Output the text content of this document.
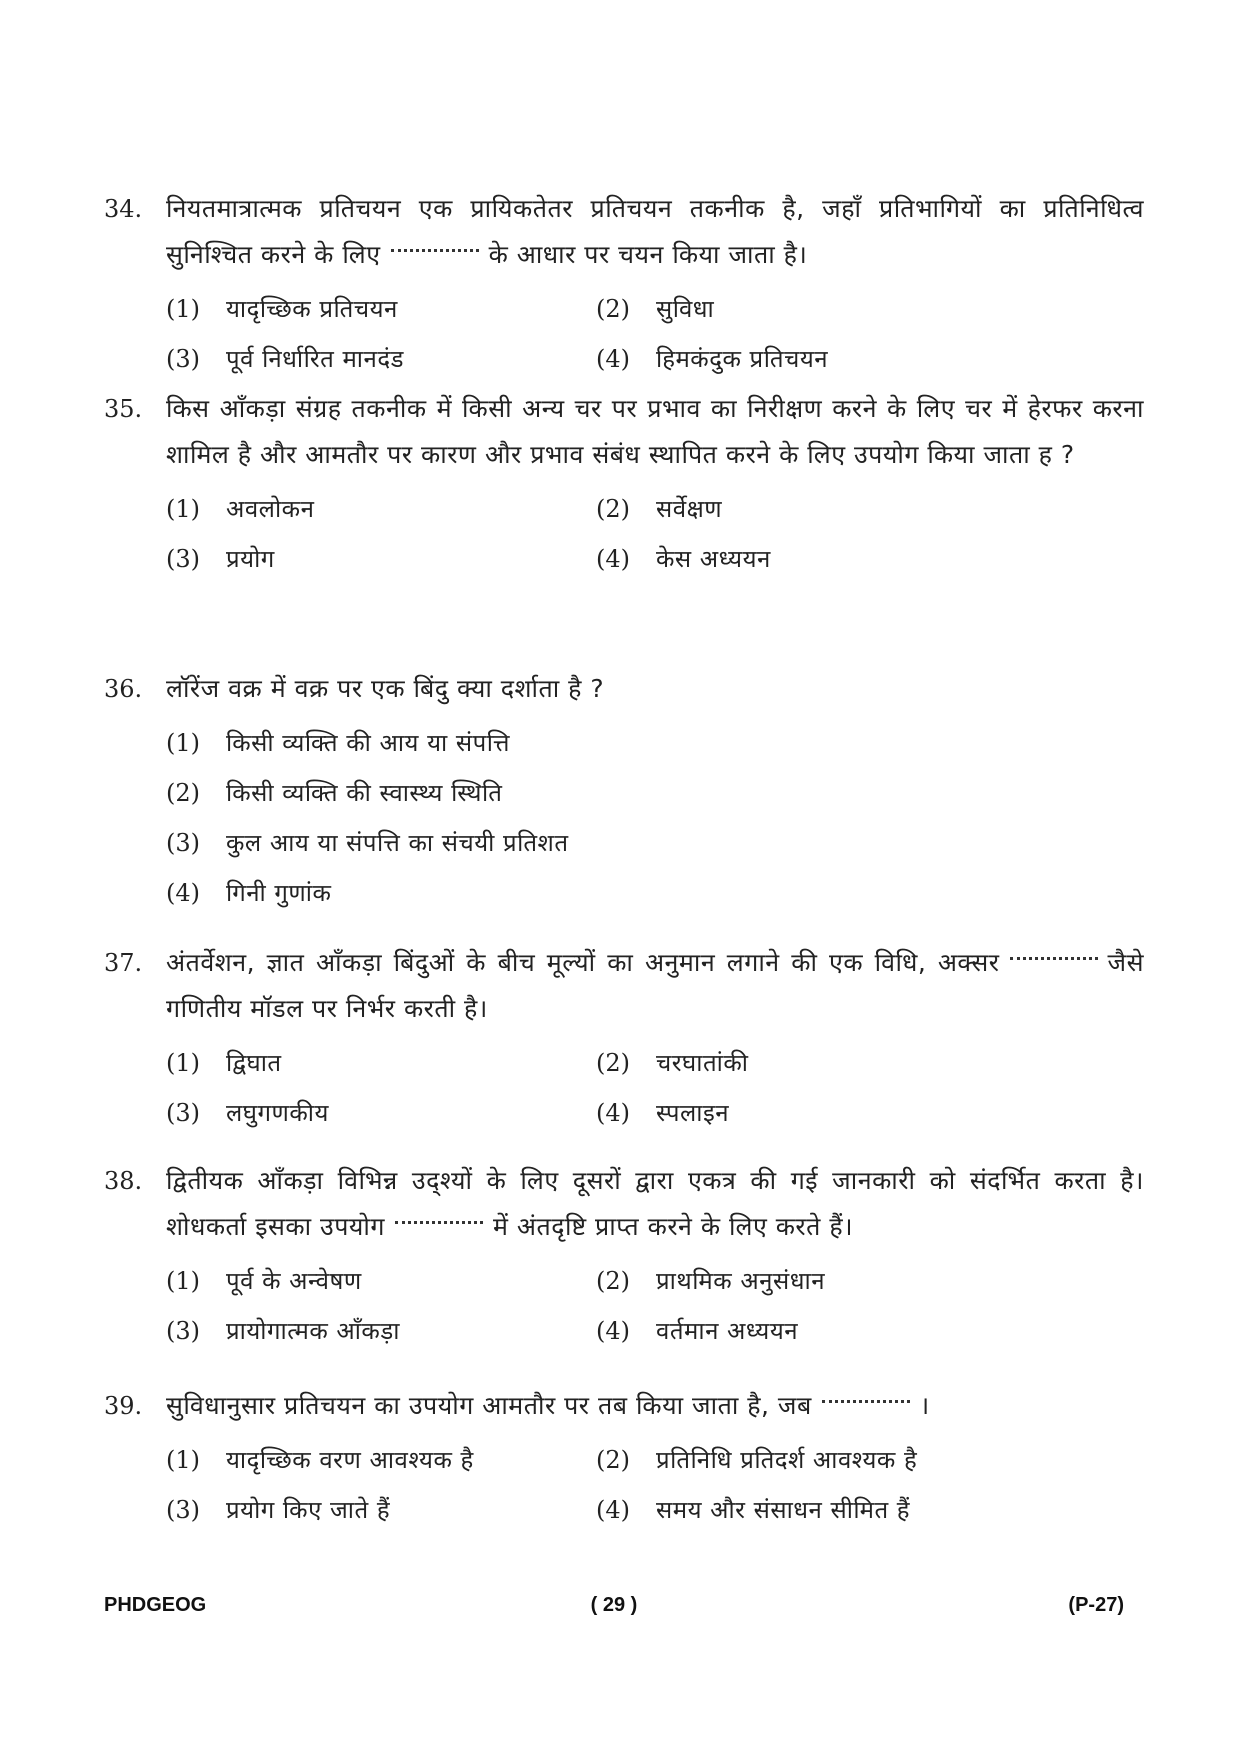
34. नियतमात्रात्मक प्रतिचयन एक प्रायिकतेतर प्रतिचयन तकनीक है, जहाँ प्रतिभागियों का प्रतिनिधित्व सुनिश्चित करने के लिए	के आधार पर चयन किया जाता है।
(1)	यादृच्छिक प्रतिचयन	(2)	सुविधा
(3)	पूर्व निर्धारित मानदंड	(4)	हिमकंदुक प्रतिचयन
35. किस आँकड़ा संग्रह तकनीक में किसी अन्य चर पर प्रभाव का निरीक्षण करने के लिए चर में हेरफर करना शामिल है और आमतौर पर कारण और प्रभाव संबंध स्थापित करने के लिए उपयोग किया जाता ह ?
(1)	अवलोकन	(2)	सर्वेक्षण
(3)	प्रयोग	(4)	केस अध्ययन
36. लॉरेंज वक्र में वक्र पर एक बिंदु क्या दर्शाता है ?
(1)	किसी व्यक्ति की आय या संपत्ति
(2)	किसी व्यक्ति की स्वास्थ्य स्थिति
(3)	कुल आय या संपत्ति का संचयी प्रतिशत
(4)	गिनी गुणांक
37. अंतर्वेशन, ज्ञात आँकड़ा बिंदुओं के बीच मूल्यों का अनुमान लगाने की एक विधि, अक्सर	जैसे गणितीय मॉडल पर निर्भर करती है।
(1)	द्विघात	(2)	चरघातांकी
(3)	लघुगणकीय	(4)	स्पलाइन
38. द्वितीयक आँकड़ा विभिन्न उद्श्यों के लिए दूसरों द्वारा एकत्र की गई जानकारी को संदर्भित करता है। शोधकर्ता इसका उपयोग	में अंतदृष्टि प्राप्त करने के लिए करते हैं।
(1)	पूर्व के अन्वेषण	(2)	प्राथमिक अनुसंधान
(3)	प्रायोगात्मक आँकड़ा	(4)	वर्तमान अध्ययन
39. सुविधानुसार प्रतिचयन का उपयोग आमतौर पर तब किया जाता है, जब	।
(1)	यादृच्छिक वरण आवश्यक है	(2)	प्रतिनिधि प्रतिदर्श आवश्यक है
(3)	प्रयोग किए जाते हैं	(4)	समय और संसाधन सीमित हैं
PHDGEOG	( 29 )	(P-27)
